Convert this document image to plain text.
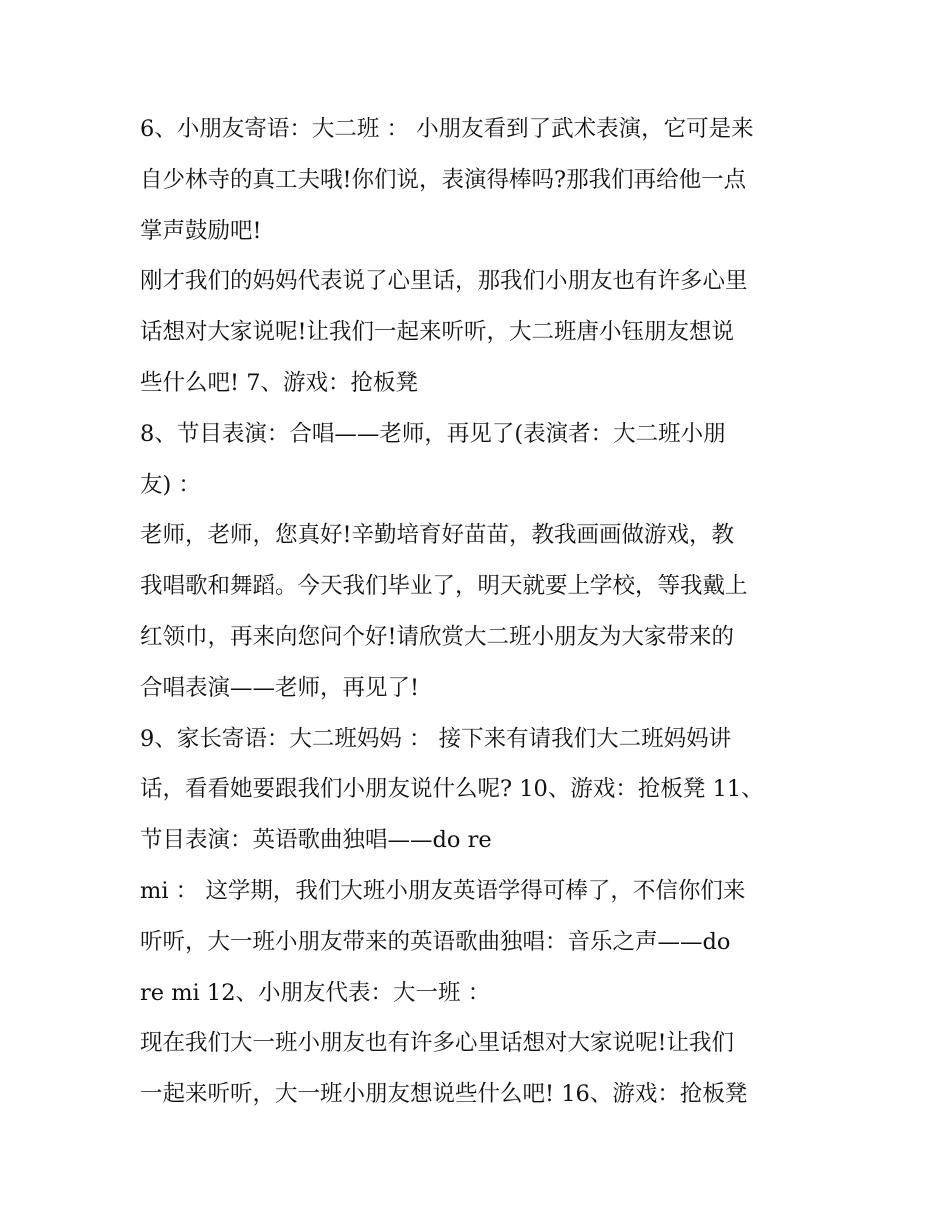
6、小朋友寄语：大二班 ： 小朋友看到了武术表演，它可是来
自少林寺的真工夫哦!你们说，表演得棒吗?那我们再给他一点
掌声鼓励吧!
刚才我们的妈妈代表说了心里话，那我们小朋友也有许多心里
话想对大家说呢!让我们一起来听听，大二班唐小钰朋友想说
些什么吧! 7、游戏：抢板凳
8、节目表演：合唱——老师，再见了(表演者：大二班小朋
友) ：
老师，老师，您真好!辛勤培育好苗苗，教我画画做游戏，教
我唱歌和舞蹈。今天我们毕业了，明天就要上学校，等我戴上
红领巾，再来向您问个好!请欣赏大二班小朋友为大家带来的
合唱表演——老师，再见了!
9、家长寄语：大二班妈妈 ： 接下来有请我们大二班妈妈讲
话，看看她要跟我们小朋友说什么呢? 10、游戏：抢板凳 11、
节目表演：英语歌曲独唱——do re
mi ： 这学期，我们大班小朋友英语学得可棒了，不信你们来
听听，大一班小朋友带来的英语歌曲独唱：音乐之声——do
re mi 12、小朋友代表：大一班 ：
现在我们大一班小朋友也有许多心里话想对大家说呢!让我们
一起来听听，大一班小朋友想说些什么吧! 16、游戏：抢板凳
